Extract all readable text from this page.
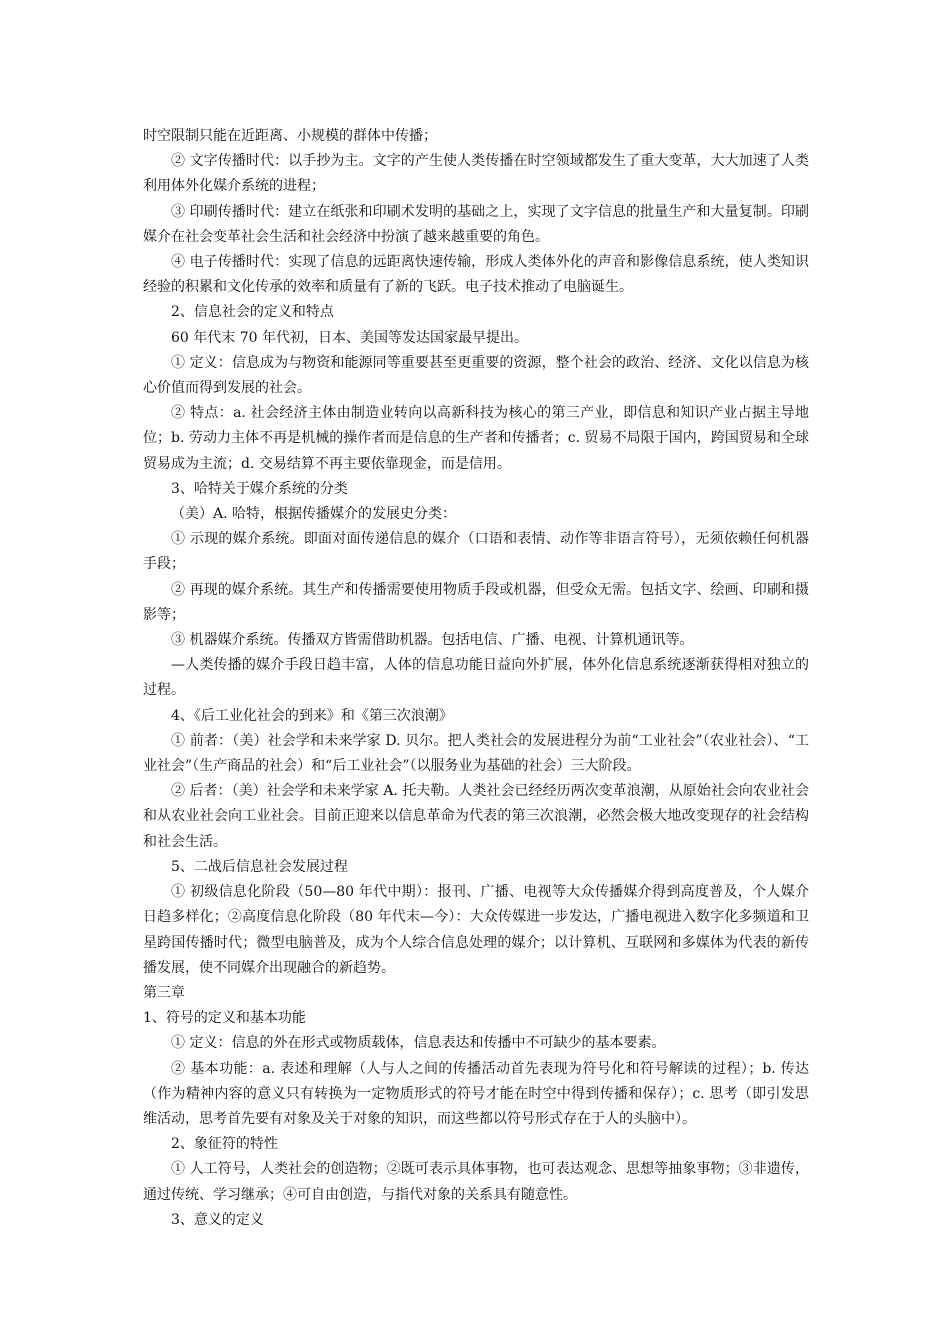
时空限制只能在近距离、小规模的群体中传播；

② 文字传播时代：以手抄为主。文字的产生使人类传播在时空领域都发生了重大变革，大大加速了人类利用体外化媒介系统的进程；

③ 印刷传播时代：建立在纸张和印刷术发明的基础之上，实现了文字信息的批量生产和大量复制。印刷媒介在社会变革社会生活和社会经济中扮演了越来越重要的角色。

④ 电子传播时代：实现了信息的远距离快速传输，形成人类体外化的声音和影像信息系统，使人类知识经验的积累和文化传承的效率和质量有了新的飞跃。电子技术推动了电脑诞生。

2、信息社会的定义和特点

60 年代末 70 年代初，日本、美国等发达国家最早提出。

① 定义：信息成为与物资和能源同等重要甚至更重要的资源，整个社会的政治、经济、文化以信息为核心价值而得到发展的社会。

② 特点：a. 社会经济主体由制造业转向以高新科技为核心的第三产业，即信息和知识产业占据主导地位；b. 劳动力主体不再是机械的操作者而是信息的生产者和传播者；c. 贸易不局限于国内，跨国贸易和全球贸易成为主流；d. 交易结算不再主要依靠现金，而是信用。

3、哈特关于媒介系统的分类

（美）A. 哈特，根据传播媒介的发展史分类：

① 示现的媒介系统。即面对面传递信息的媒介（口语和表情、动作等非语言符号），无须依赖任何机器手段；

② 再现的媒介系统。其生产和传播需要使用物质手段或机器，但受众无需。包括文字、绘画、印刷和摄影等；

③ 机器媒介系统。传播双方皆需借助机器。包括电信、广播、电视、计算机通讯等。

—人类传播的媒介手段日趋丰富，人体的信息功能日益向外扩展，体外化信息系统逐渐获得相对独立的过程。

4、《后工业化社会的到来》和《第三次浪潮》

① 前者：（美）社会学和未来学家 D. 贝尔。把人类社会的发展进程分为前“工业社会”（农业社会）、“工业社会”（生产商品的社会）和“后工业社会”（以服务业为基础的社会）三大阶段。

② 后者：（美）社会学和未来学家 A. 托夫勒。人类社会已经经历两次变革浪潮，从原始社会向农业社会和从农业社会向工业社会。目前正迎来以信息革命为代表的第三次浪潮，必然会极大地改变现存的社会结构和社会生活。

5、二战后信息社会发展过程

① 初级信息化阶段（50—80 年代中期）：报刊、广播、电视等大众传播媒介得到高度普及，个人媒介日趋多样化；②高度信息化阶段（80 年代末—今）：大众传媒进一步发达，广播电视进入数字化多频道和卫星跨国传播时代；微型电脑普及，成为个人综合信息处理的媒介；以计算机、互联网和多媒体为代表的新传播发展，使不同媒介出现融合的新趋势。

第三章

1、符号的定义和基本功能

① 定义：信息的外在形式或物质载体，信息表达和传播中不可缺少的基本要素。

② 基本功能：a. 表述和理解（人与人之间的传播活动首先表现为符号化和符号解读的过程）；b. 传达（作为精神内容的意义只有转换为一定物质形式的符号才能在时空中得到传播和保存）；c. 思考（即引发思维活动，思考首先要有对象及关于对象的知识，而这些都以符号形式存在于人的头脑中）。

2、象征符的特性

① 人工符号，人类社会的创造物；②既可表示具体事物，也可表达观念、思想等抽象事物；③非遗传，通过传统、学习继承；④可自由创造，与指代对象的关系具有随意性。

3、意义的定义
